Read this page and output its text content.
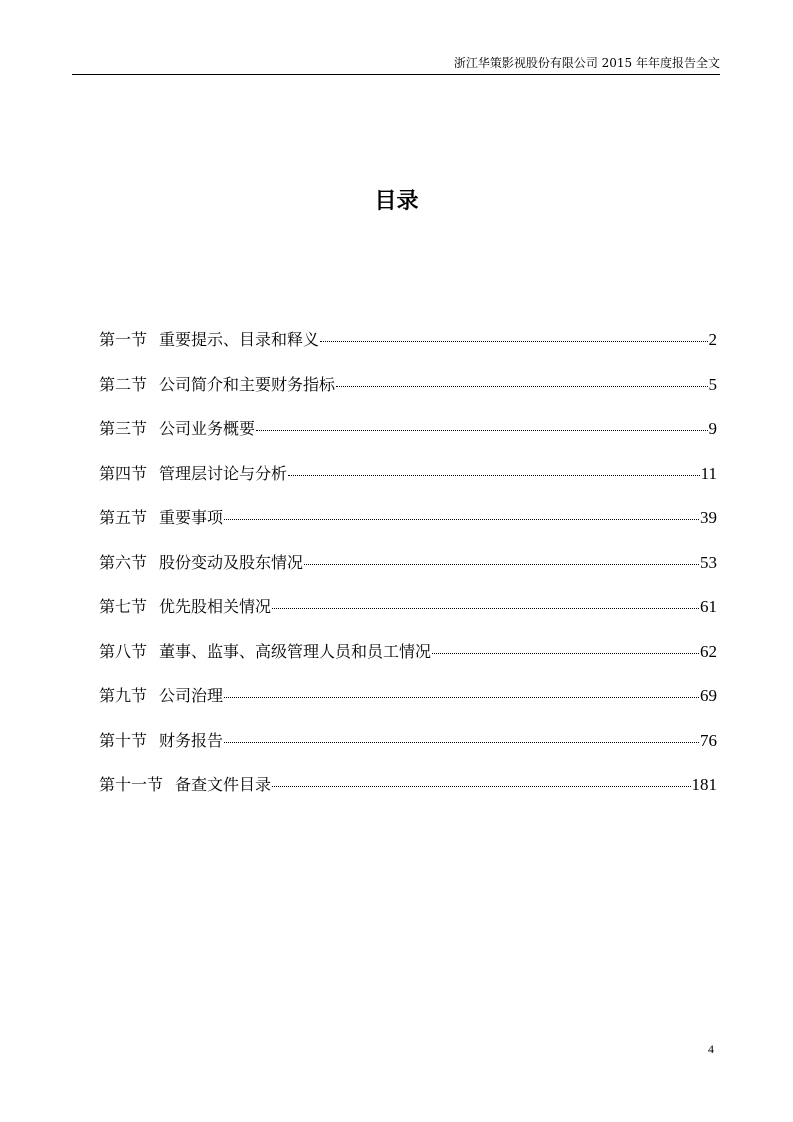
浙江华策影视股份有限公司 2015 年年度报告全文
目录
第一节 重要提示、目录和释义	2
第二节 公司简介和主要财务指标	5
第三节 公司业务概要	9
第四节 管理层讨论与分析	11
第五节 重要事项	39
第六节 股份变动及股东情况	53
第七节 优先股相关情况	61
第八节 董事、监事、高级管理人员和员工情况	62
第九节 公司治理	69
第十节 财务报告	76
第十一节 备查文件目录	181
4
